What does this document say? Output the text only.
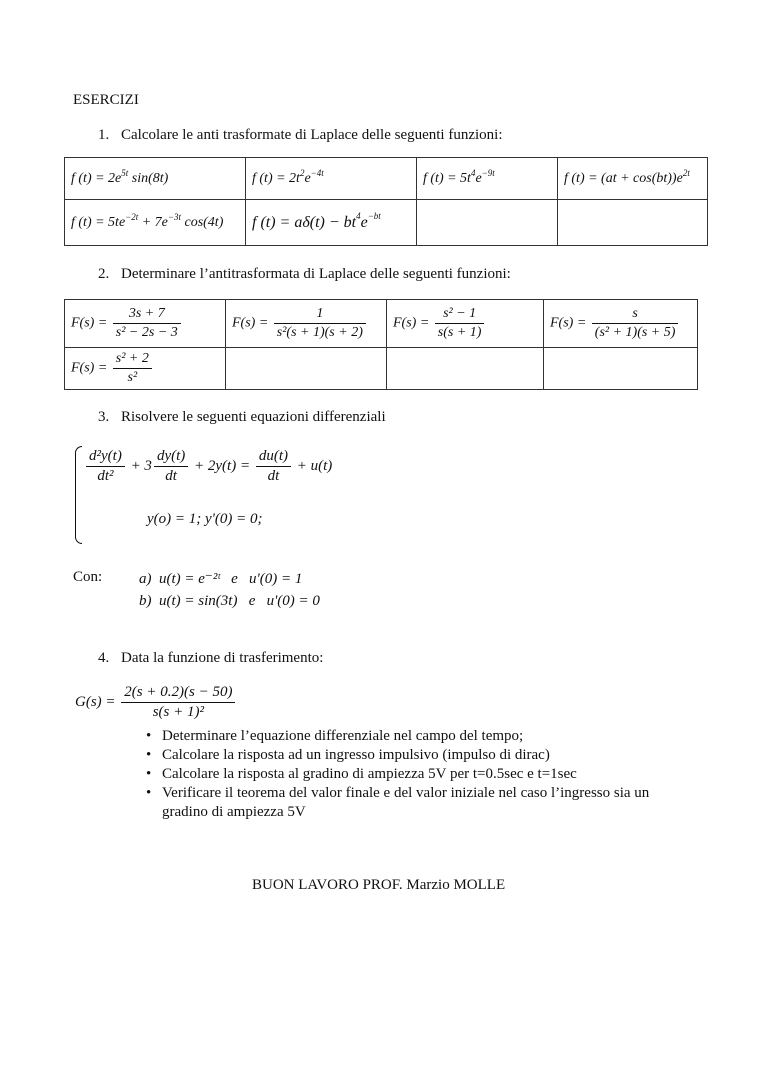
ESERCIZI
1. Calcolare le anti trasformate di Laplace delle seguenti funzioni:
f $(t) = 2e^{5t}$ sin(8t)	f $(t) = 2t^2e^{-4t}$	f $(t) = 5t^4e^{-9t}$	f $(t) = (at + \cos(bt))e^{2t}$
f $(t) = 5te^{-2t} + 7e^{-3t}$ cos(4t)	f $(t) = a\delta(t) - bt^4e^{-bt}$		
2. Determinare l’antitrasformata di Laplace delle seguenti funzioni:
$F(s) = \frac{3s + 7}{\text{s² − 2s − 3}}$	$F(s) = \frac{1}{\text{s²(s + 1)(s + 2)}}$	$F(s) = \frac{\text{s² − 1}}{s(s + 1)}$	$F(s) = \frac{s}{\text{(s² + 1)(s + 5)}}$

$F(s) = \frac{\text{s² + 2}}{\text{s²}}$

3. Risolvere le seguenti equazioni differenziali
$\frac{\text{d²y(t)}}{\text{dt²}} + 3 \frac{dy(t)}{dt} + 2y(t) = \frac{du(t)}{dt} + u(t)$
y(o) = 1; y'(0) = 0;
Con: a)  u(t) = e⁻²ᵗ   e   u'(0) = 1
b)  u(t) = sin(3t)   e   u'(0) = 0
4. Data la funzione di trasferimento:
$G(s) = \frac{2(s + 0.2)(s - 50)}{\text{s(s + 1)²}}$
• Determinare l’equazione differenziale nel campo del tempo;
• Calcolare la risposta ad un ingresso impulsivo (impulso di dirac)
• Calcolare la risposta al gradino di ampiezza 5V per t=0.5sec e t=1sec
• Verificare il teorema del valor finale e del valor iniziale nel caso l’ingresso sia un gradino di ampiezza 5V
BUON LAVORO PROF. Marzio MOLLE
